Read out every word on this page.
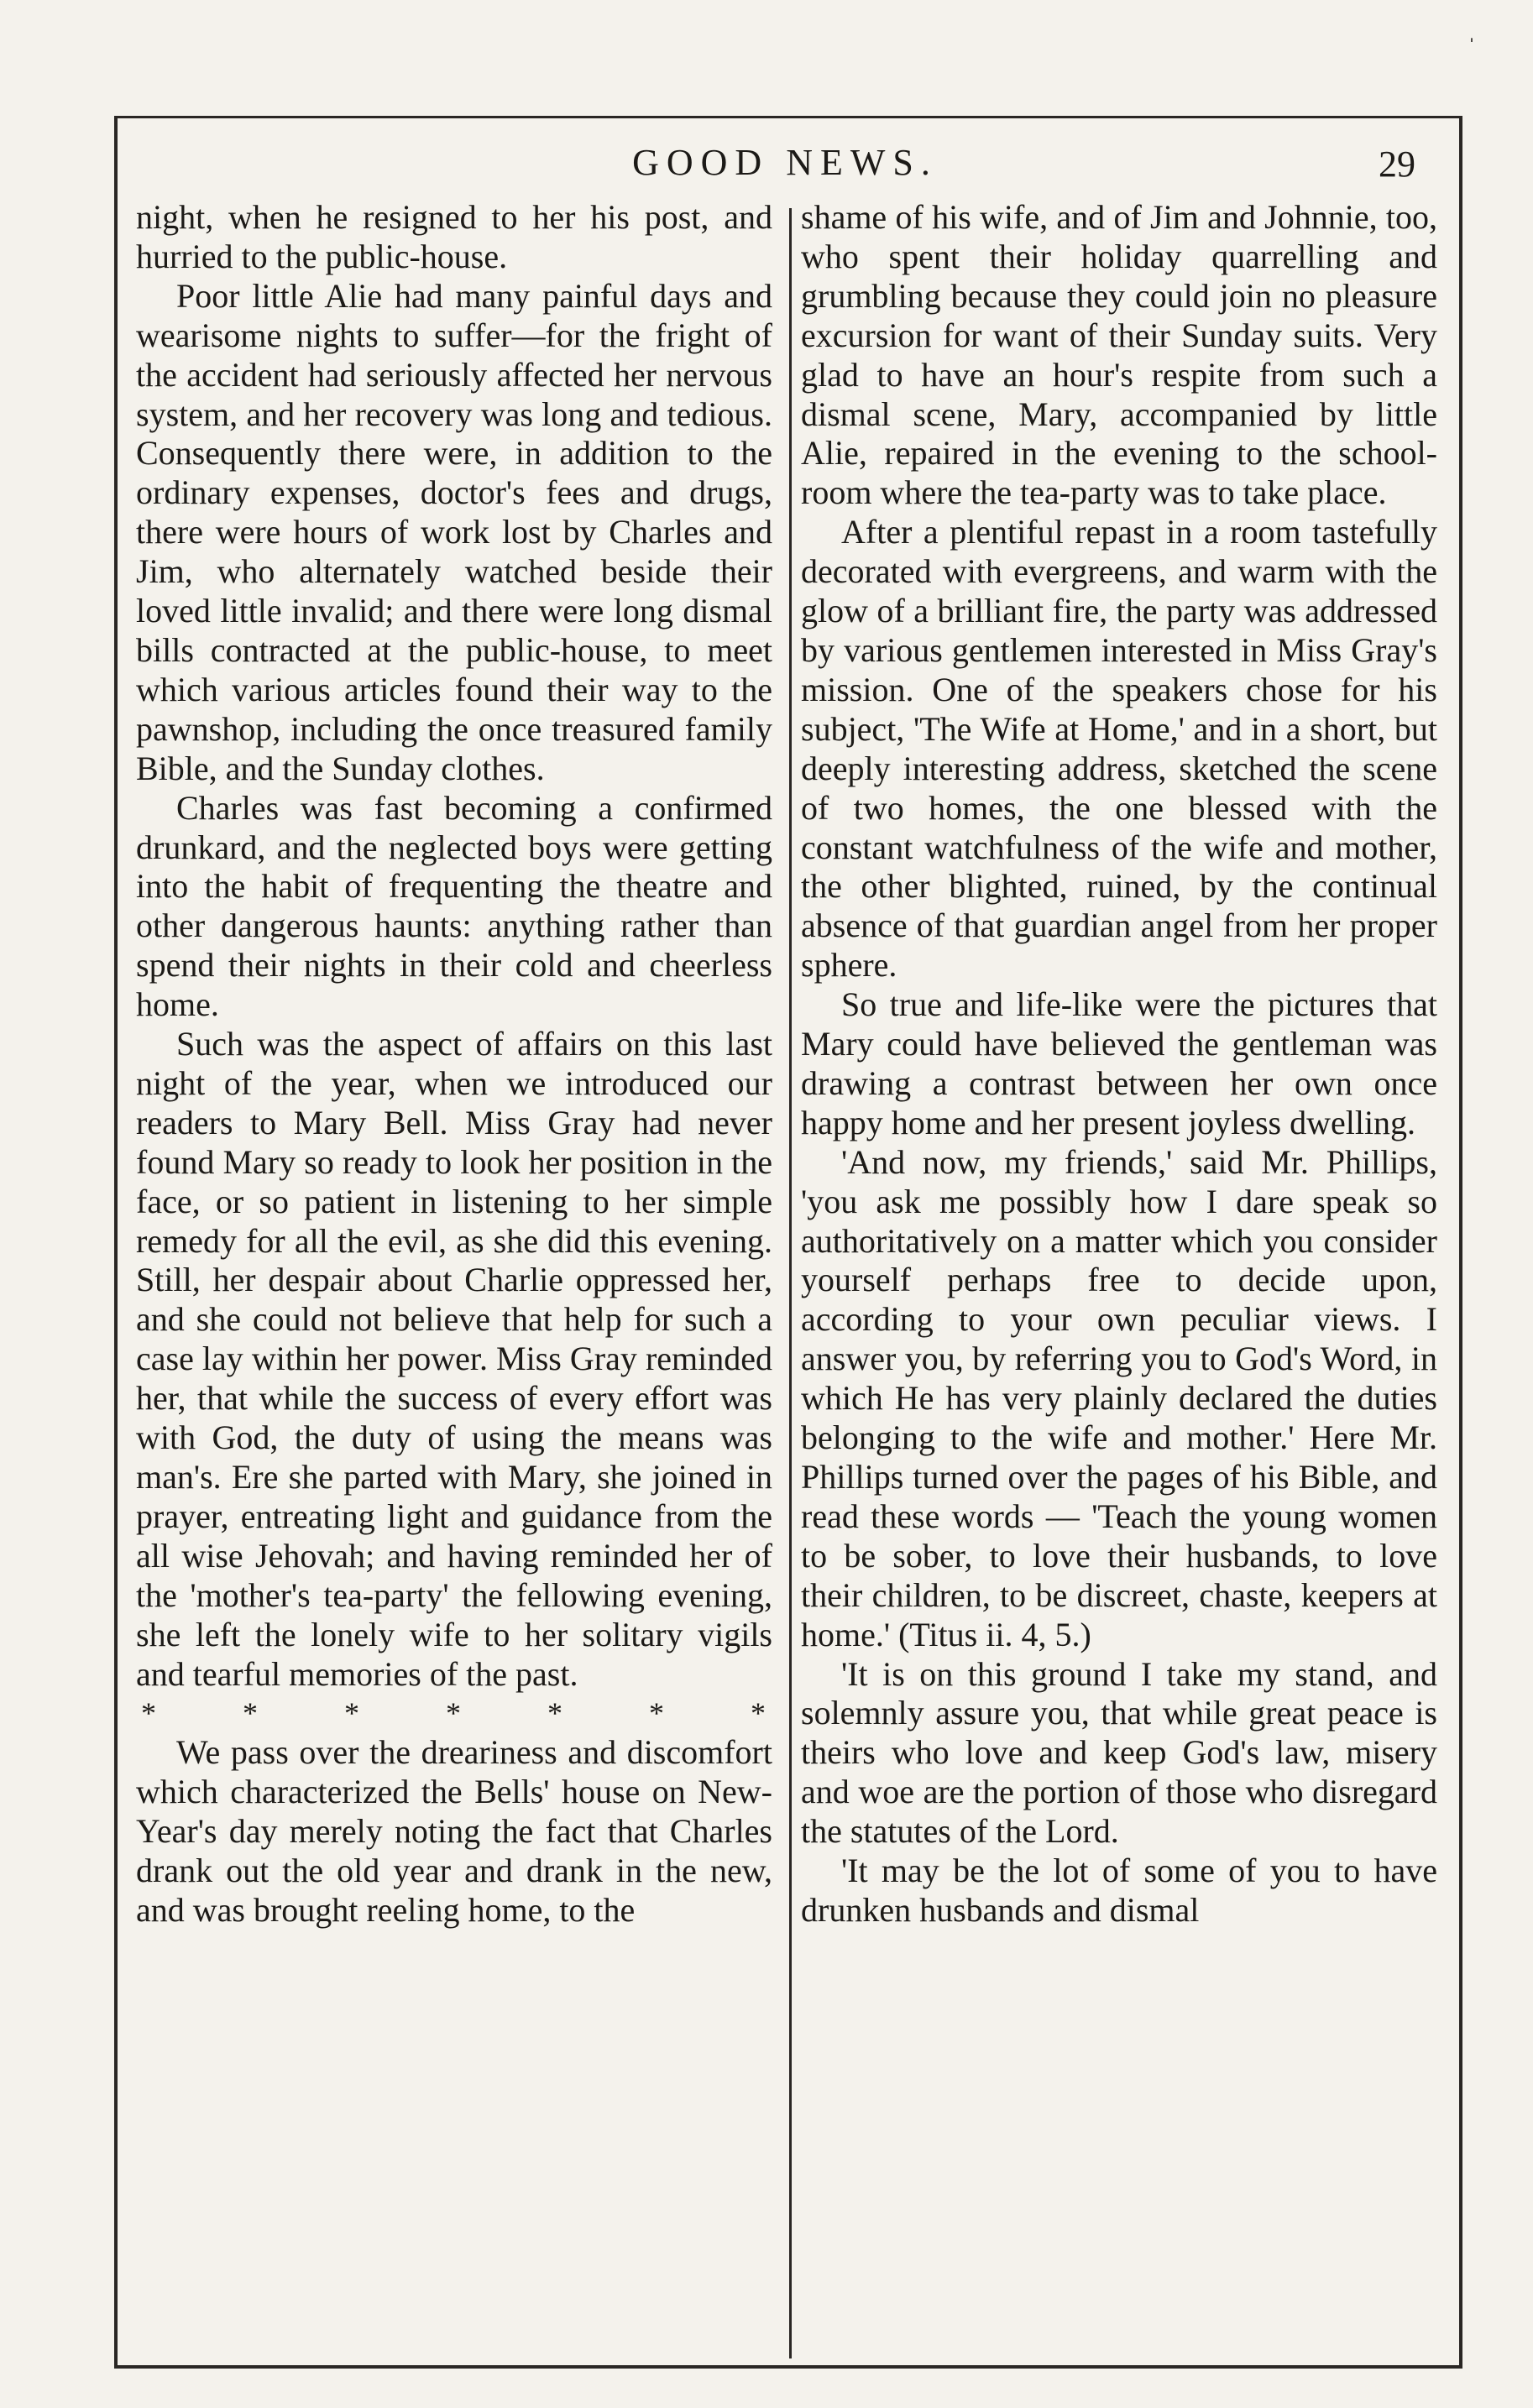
ˈ
GOOD NEWS.	29

night, when he resigned to her his post, and hurried to the public-house.

Poor little Alie had many painful days and wearisome nights to suffer—for the fright of the accident had seriously affected her nervous system, and her recovery was long and tedious. Consequently there were, in addition to the ordinary expenses, doctor's fees and drugs, there were hours of work lost by Charles and Jim, who alternately watched beside their loved little invalid; and there were long dismal bills contracted at the public-house, to meet which various articles found their way to the pawnshop, including the once treasured family Bible, and the Sunday clothes.

Charles was fast becoming a confirmed drunkard, and the neglected boys were getting into the habit of frequenting the theatre and other dangerous haunts: anything rather than spend their nights in their cold and cheerless home.

Such was the aspect of affairs on this last night of the year, when we introduced our readers to Mary Bell. Miss Gray had never found Mary so ready to look her position in the face, or so patient in listening to her simple remedy for all the evil, as she did this evening. Still, her despair about Charlie oppressed her, and she could not believe that help for such a case lay within her power. Miss Gray reminded her, that while the success of every effort was with God, the duty of using the means was man's. Ere she parted with Mary, she joined in prayer, entreating light and guidance from the all wise Jehovah; and having reminded her of the 'mother's tea-party' the fellowing evening, she left the lonely wife to her solitary vigils and tearful memories of the past.

*	*	*	*	*	*	*

We pass over the dreariness and discomfort which characterized the Bells' house on New-Year's day merely noting the fact that Charles drank out the old year and drank in the new, and was brought reeling home, to the

shame of his wife, and of Jim and Johnnie, too, who spent their holiday quarrelling and grumbling because they could join no pleasure excursion for want of their Sunday suits. Very glad to have an hour's respite from such a dismal scene, Mary, accompanied by little Alie, repaired in the evening to the school-room where the tea-party was to take place.

After a plentiful repast in a room tastefully decorated with evergreens, and warm with the glow of a brilliant fire, the party was addressed by various gentlemen interested in Miss Gray's mission. One of the speakers chose for his subject, 'The Wife at Home,' and in a short, but deeply interesting address, sketched the scene of two homes, the one blessed with the constant watchfulness of the wife and mother, the other blighted, ruined, by the continual absence of that guardian angel from her proper sphere.

So true and life-like were the pictures that Mary could have believed the gentleman was drawing a contrast between her own once happy home and her present joyless dwelling.

'And now, my friends,' said Mr. Phillips, 'you ask me possibly how I dare speak so authoritatively on a matter which you consider yourself perhaps free to decide upon, according to your own peculiar views. I answer you, by referring you to God's Word, in which He has very plainly declared the duties belonging to the wife and mother.' Here Mr. Phillips turned over the pages of his Bible, and read these words — 'Teach the young women to be sober, to love their husbands, to love their children, to be discreet, chaste, keepers at home.' (Titus ii. 4, 5.)

'It is on this ground I take my stand, and solemnly assure you, that while great peace is theirs who love and keep God's law, misery and woe are the portion of those who disregard the statutes of the Lord.

'It may be the lot of some of you to have drunken husbands and dismal
